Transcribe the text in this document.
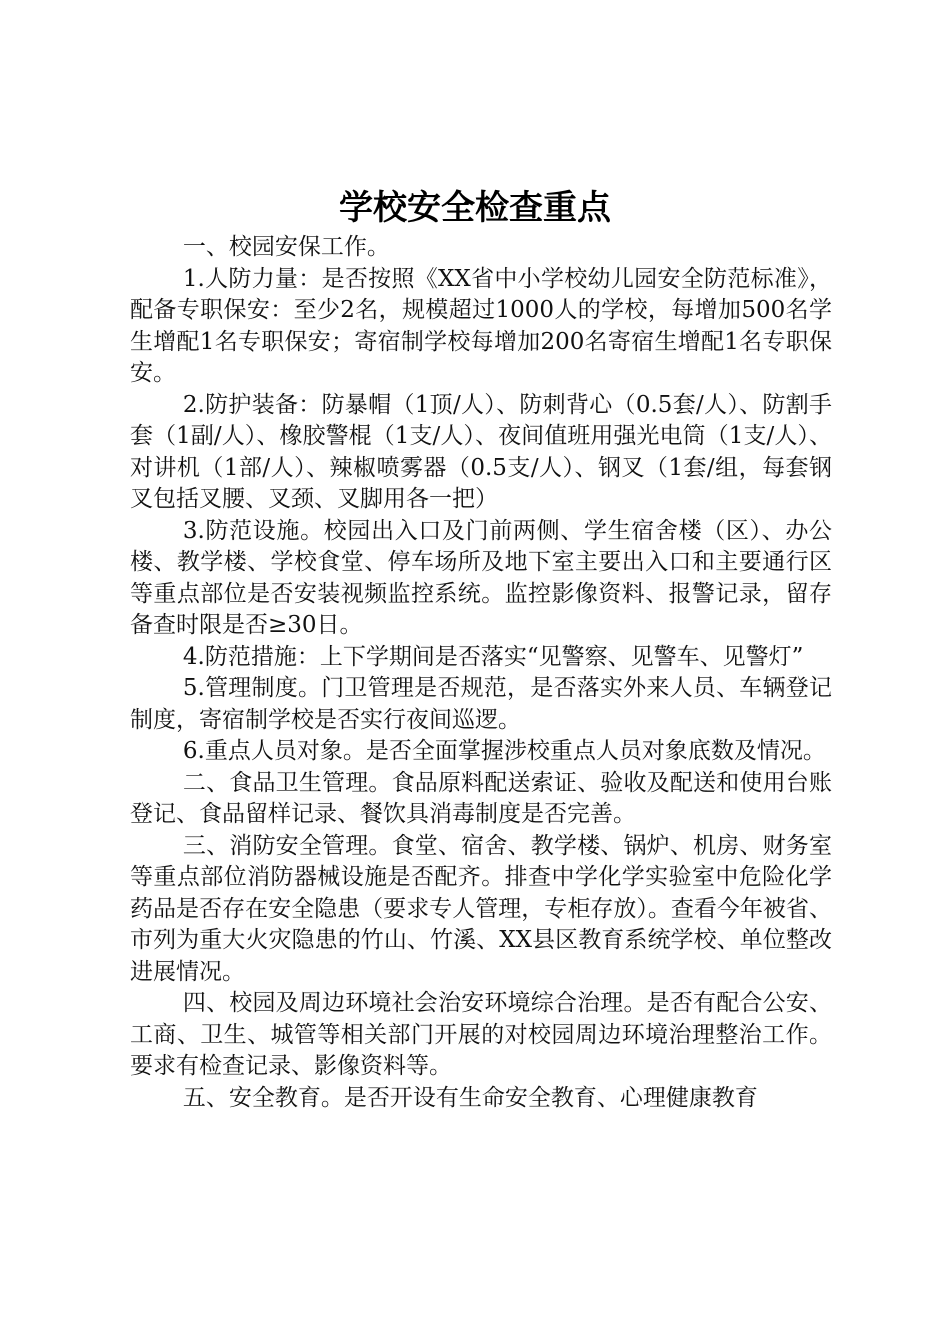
学校安全检查重点

一、校园安保工作。

1.人防力量：是否按照《XX省中小学校幼儿园安全防范标准》，配备专职保安：至少2名，规模超过1000人的学校，每增加500名学生增配1名专职保安；寄宿制学校每增加200名寄宿生增配1名专职保安。

2.防护装备：防暴帽（1顶/人）、防刺背心（0.5套/人）、防割手套（1副/人）、橡胶警棍（1支/人）、夜间值班用强光电筒（1支/人）、对讲机（1部/人）、辣椒喷雾器（0.5支/人）、钢叉（1套/组，每套钢叉包括叉腰、叉颈、叉脚用各一把）

3.防范设施。校园出入口及门前两侧、学生宿舍楼（区）、办公楼、教学楼、学校食堂、停车场所及地下室主要出入口和主要通行区等重点部位是否安装视频监控系统。监控影像资料、报警记录，留存备查时限是否≥30日。

4.防范措施：上下学期间是否落实“见警察、见警车、见警灯”

5.管理制度。门卫管理是否规范，是否落实外来人员、车辆登记制度，寄宿制学校是否实行夜间巡逻。

6.重点人员对象。是否全面掌握涉校重点人员对象底数及情况。

二、食品卫生管理。食品原料配送索证、验收及配送和使用台账登记、食品留样记录、餐饮具消毒制度是否完善。

三、消防安全管理。食堂、宿舍、教学楼、锅炉、机房、财务室等重点部位消防器械设施是否配齐。排查中学化学实验室中危险化学药品是否存在安全隐患（要求专人管理，专柜存放）。查看今年被省、市列为重大火灾隐患的竹山、竹溪、XX县区教育系统学校、单位整改进展情况。

四、校园及周边环境社会治安环境综合治理。是否有配合公安、工商、卫生、城管等相关部门开展的对校园周边环境治理整治工作。要求有检查记录、影像资料等。

五、安全教育。是否开设有生命安全教育、心理健康教育
